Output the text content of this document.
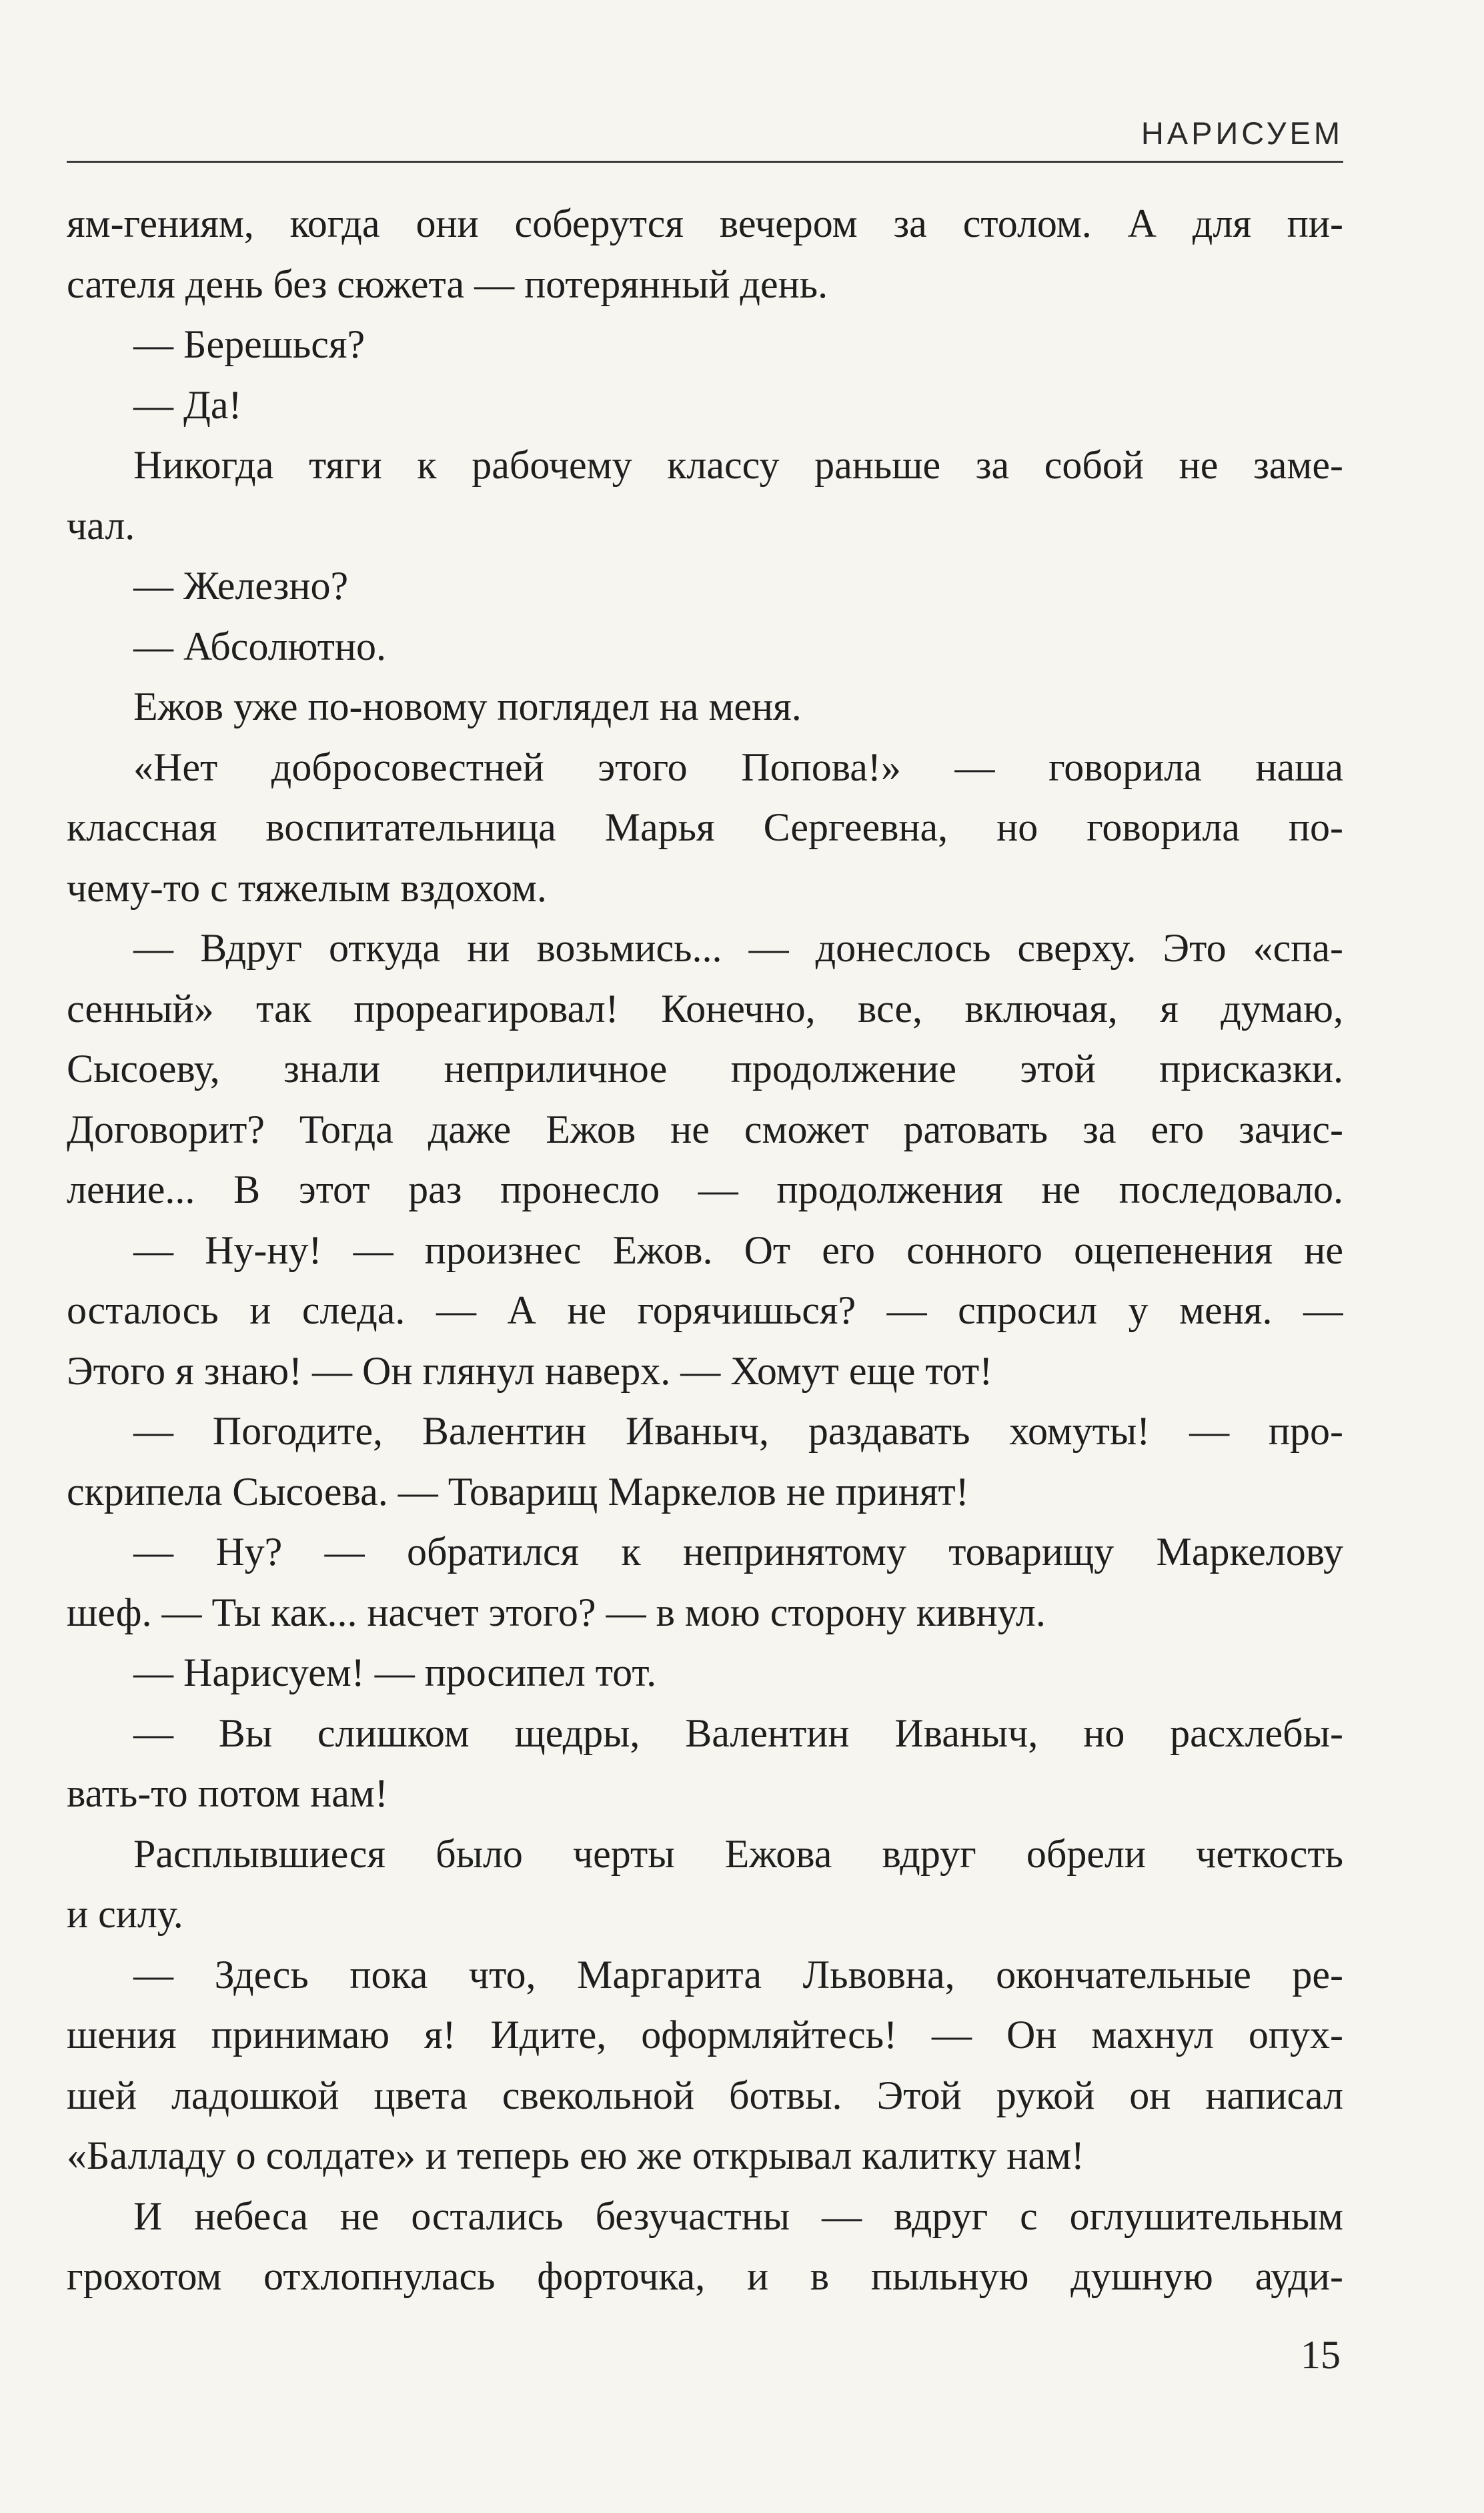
НАРИСУЕМ
ям-гениям, когда они соберутся вечером за столом. А для пи-
сателя день без сюжета — потерянный день.
— Берешься?
— Да!
Никогда тяги к рабочему классу раньше за собой не заме-
чал.
— Железно?
— Абсолютно.
Ежов уже по-новому поглядел на меня.
«Нет добросовестней этого Попова!» — говорила наша
классная воспитательница Марья Сергеевна, но говорила по-
чему-то с тяжелым вздохом.
— Вдруг откуда ни возьмись... — донеслось сверху. Это «спа-
сенный» так прореагировал! Конечно, все, включая, я думаю,
Сысоеву, знали неприличное продолжение этой присказки.
Договорит? Тогда даже Ежов не сможет ратовать за его зачис-
ление... В этот раз пронесло — продолжения не последовало.
— Ну-ну! — произнес Ежов. От его сонного оцепенения не
осталось и следа. — А не горячишься? — спросил у меня. —
Этого я знаю! — Он глянул наверх. — Хомут еще тот!
— Погодите, Валентин Иваныч, раздавать хомуты! — про-
скрипела Сысоева. — Товарищ Маркелов не принят!
— Ну? — обратился к непринятому товарищу Маркелову
шеф. — Ты как... насчет этого? — в мою сторону кивнул.
— Нарисуем! — просипел тот.
— Вы слишком щедры, Валентин Иваныч, но расхлебы-
вать-то потом нам!
Расплывшиеся было черты Ежова вдруг обрели четкость
и силу.
— Здесь пока что, Маргарита Львовна, окончательные ре-
шения принимаю я! Идите, оформляйтесь! — Он махнул опух-
шей ладошкой цвета свекольной ботвы. Этой рукой он написал
«Балладу о солдате» и теперь ею же открывал калитку нам!
И небеса не остались безучастны — вдруг с оглушительным
грохотом отхлопнулась форточка, и в пыльную душную ауди-
15
